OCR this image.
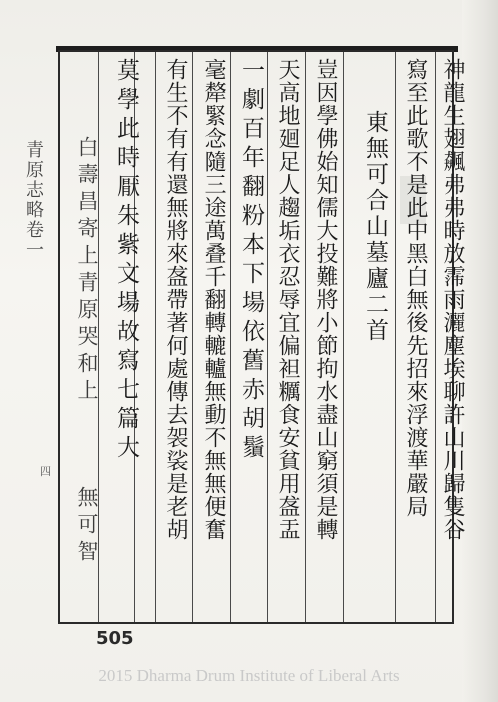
神龍生翅飆弗弗時放霈雨灑塵埃聊許山川歸隻谷
寫至此歌不是此中黑白無後先招來浮渡華嚴局
東無可合山墓廬二首
豈因學佛始知儒大投難將小節拘水盡山窮須是轉
天高地廻足人趨垢衣忍辱宜偏袒糲食安貧用盋盂
一劇百年翻粉本下場依舊赤胡鬚
毫犛緊念隨三途萬叠千翻轉轆轤無動不無無便奮
有生不有有還無將來盋帶著何處傳去袈裟是老胡
莫學此時厭朱紫文場故寫七篇大
白壽昌寄上青原哭和上
無可智
青原志略卷一
四
505
2015 Dharma Drum Institute of Liberal Arts
